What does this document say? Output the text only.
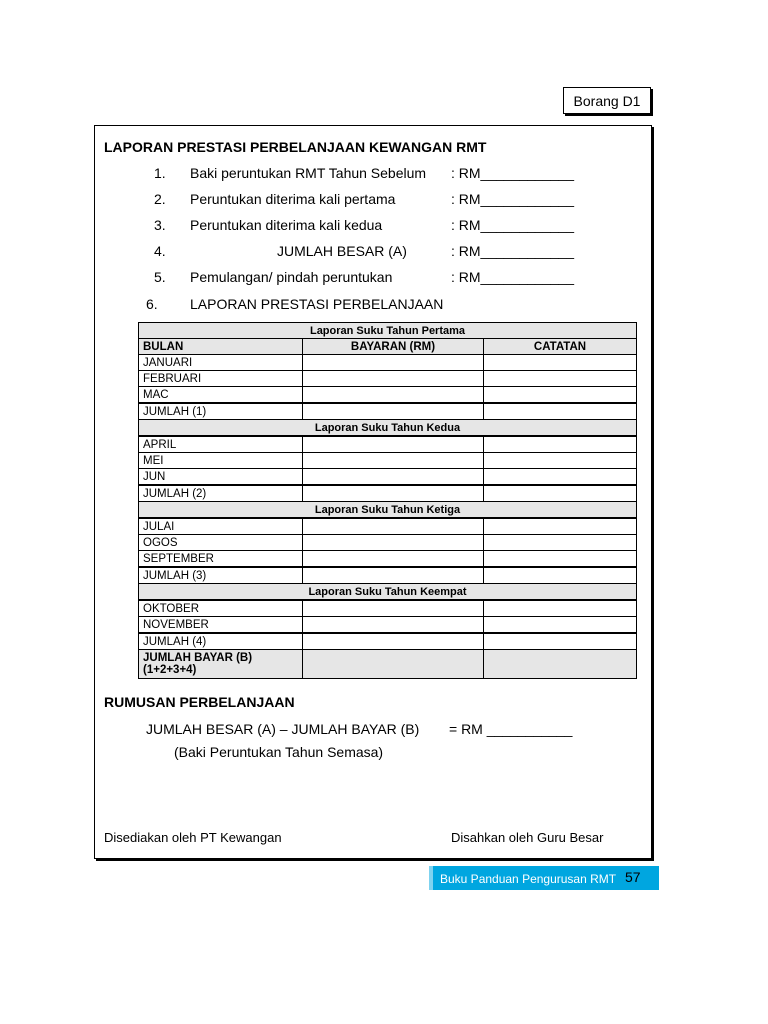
Borang D1
LAPORAN PRESTASI PERBELANJAAN KEWANGAN RMT
1. Baki peruntukan RMT Tahun Sebelum : RM____________
2. Peruntukan diterima kali pertama	: RM____________
3. Peruntukan diterima kali kedua	: RM____________
4.	JUMLAH BESAR (A)	: RM____________
5. Pemulangan/ pindah peruntukan	: RM____________
6. LAPORAN PRESTASI PERBELANJAAN
Laporan Suku Tahun Pertama		
BULAN	BAYARAN (RM)	CATATAN
JANUARI		
FEBRUARI		
MAC		
JUMLAH (1)		
Laporan Suku Tahun Kedua		
APRIL		
MEI		
JUN		
JUMLAH (2)		
Laporan Suku Tahun Ketiga		
JULAI		
OGOS		
SEPTEMBER		
JUMLAH (3)		
Laporan Suku Tahun Keempat		
OKTOBER		
NOVEMBER		
JUMLAH (4)		
JUMLAH BAYAR (B)
(1+2+3+4)		
RUMUSAN PERBELANJAAN
JUMLAH BESAR (A) – JUMLAH BAYAR (B) = RM ___________
(Baki Peruntukan Tahun Semasa)
Disediakan oleh PT Kewangan	Disahkan oleh Guru Besar
Buku Panduan Pengurusan RMT 57
